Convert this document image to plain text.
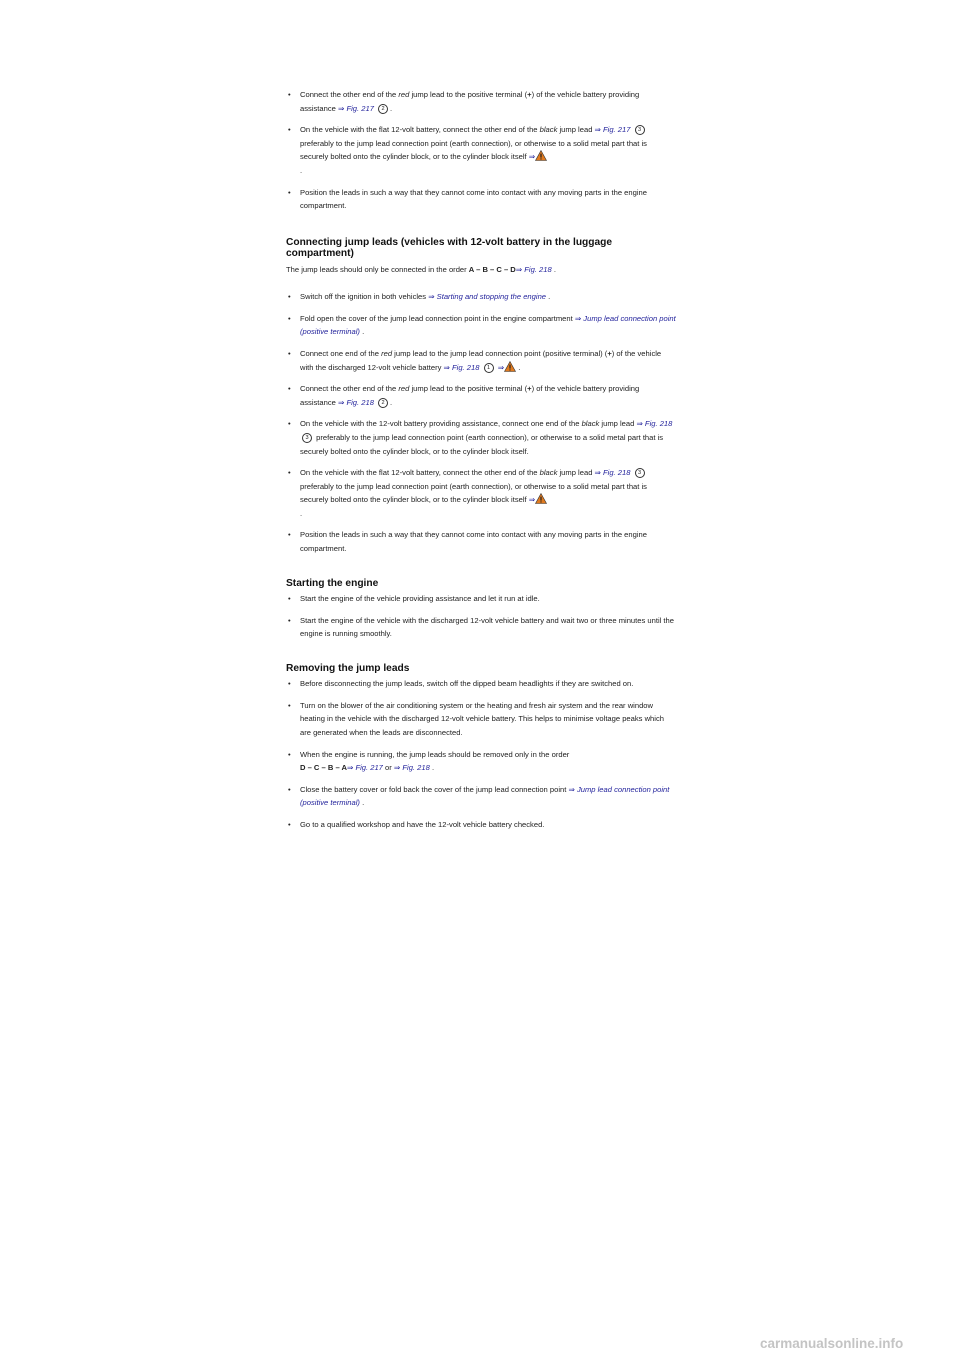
• Connect the other end of the red jump lead to the positive terminal (+) of the vehicle battery providing assistance ⇒ Fig. 217 2 .
• On the vehicle with the flat 12-volt battery, connect the other end of the black jump lead ⇒ Fig. 217 3 preferably to the jump lead connection point (earth connection), or otherwise to a solid metal part that is securely bolted onto the cylinder block, or to the cylinder block itself ⇒

.
• Position the leads in such a way that they cannot come into contact with any moving parts in the engine compartment.
Connecting jump leads (vehicles with 12-volt battery in the luggage compartment)
The jump leads should only be connected in the order A – B – C – D⇒ Fig. 218 .
• Switch off the ignition in both vehicles ⇒ Starting and stopping the engine .
• Fold open the cover of the jump lead connection point in the engine compartment ⇒ Jump lead connection point (positive terminal) .
• Connect one end of the red jump lead to the jump lead connection point (positive terminal) (+) of the vehicle with the discharged 12-volt vehicle battery ⇒ Fig. 218 1 ⇒ .
• Connect the other end of the red jump lead to the positive terminal (+) of the vehicle battery providing assistance ⇒ Fig. 218 2 .
• On the vehicle with the 12-volt battery providing assistance, connect one end of the black jump lead ⇒ Fig. 218 3 preferably to the jump lead connection point (earth connection), or otherwise to a solid metal part that is securely bolted onto the cylinder block, or to the cylinder block itself.
• On the vehicle with the flat 12-volt battery, connect the other end of the black jump lead ⇒ Fig. 218 3 preferably to the jump lead connection point (earth connection), or otherwise to a solid metal part that is securely bolted onto the cylinder block, or to the cylinder block itself ⇒

.
• Position the leads in such a way that they cannot come into contact with any moving parts in the engine compartment.
Starting the engine
• Start the engine of the vehicle providing assistance and let it run at idle.
• Start the engine of the vehicle with the discharged 12-volt vehicle battery and wait two or three minutes until the engine is running smoothly.
Removing the jump leads
• Before disconnecting the jump leads, switch off the dipped beam headlights if they are switched on.
• Turn on the blower of the air conditioning system or the heating and fresh air system and the rear window heating in the vehicle with the discharged 12-volt vehicle battery. This helps to minimise voltage peaks which are generated when the leads are disconnected.
• When the engine is running, the jump leads should be removed only in the order
D – C – B – A⇒ Fig. 217 or ⇒ Fig. 218 .
• Close the battery cover or fold back the cover of the jump lead connection point ⇒ Jump lead connection point (positive terminal) .
• Go to a qualified workshop and have the 12-volt vehicle battery checked.
carmanualsonline.info
